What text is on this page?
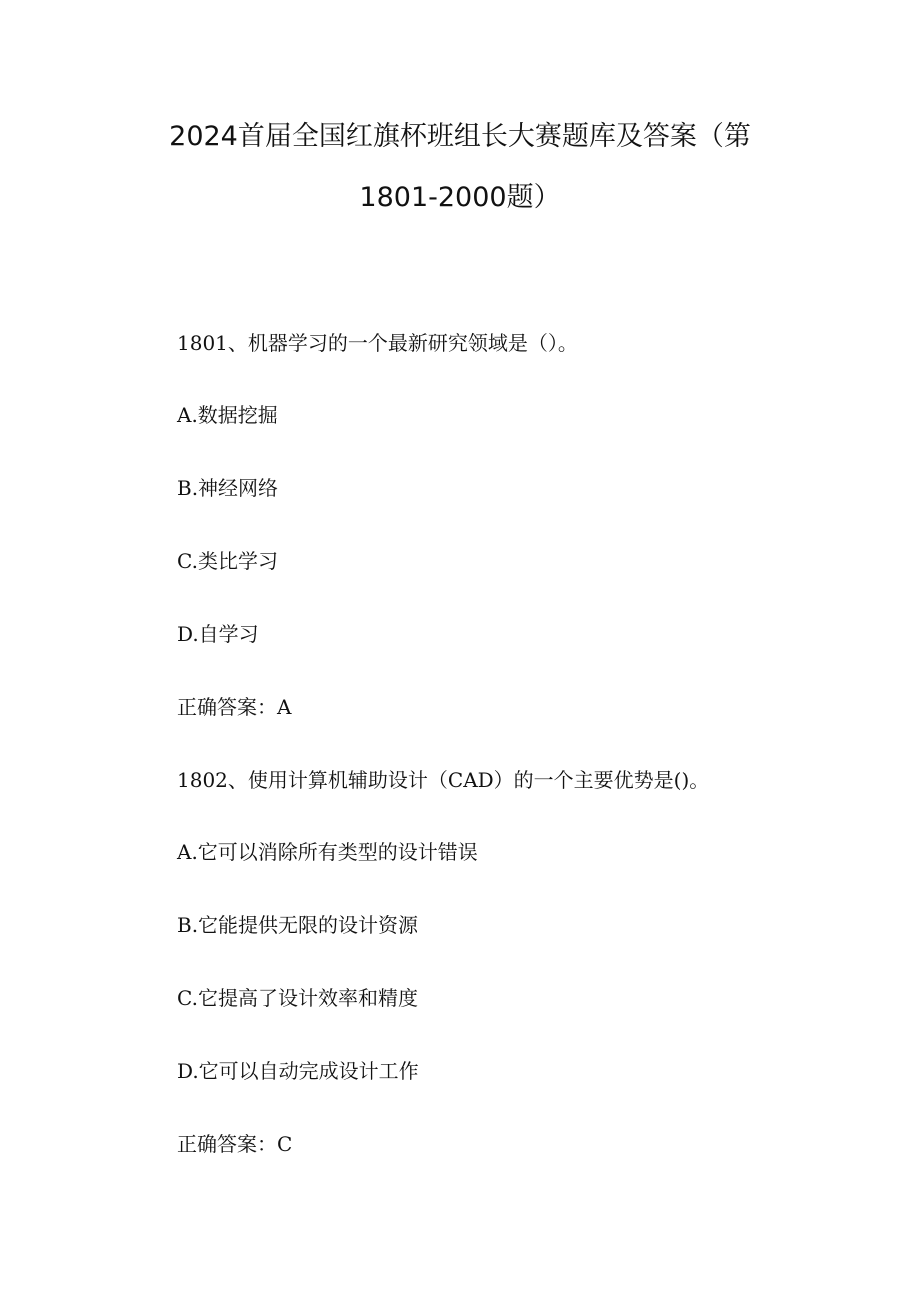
2024首届全国红旗杯班组长大赛题库及答案（第
1801-2000题）
1801、机器学习的一个最新研究领域是（）。
A.数据挖掘
B.神经网络
C.类比学习
D.自学习
正确答案：A
1802、使用计算机辅助设计（CAD）的一个主要优势是()。
A.它可以消除所有类型的设计错误
B.它能提供无限的设计资源
C.它提高了设计效率和精度
D.它可以自动完成设计工作
正确答案：C
